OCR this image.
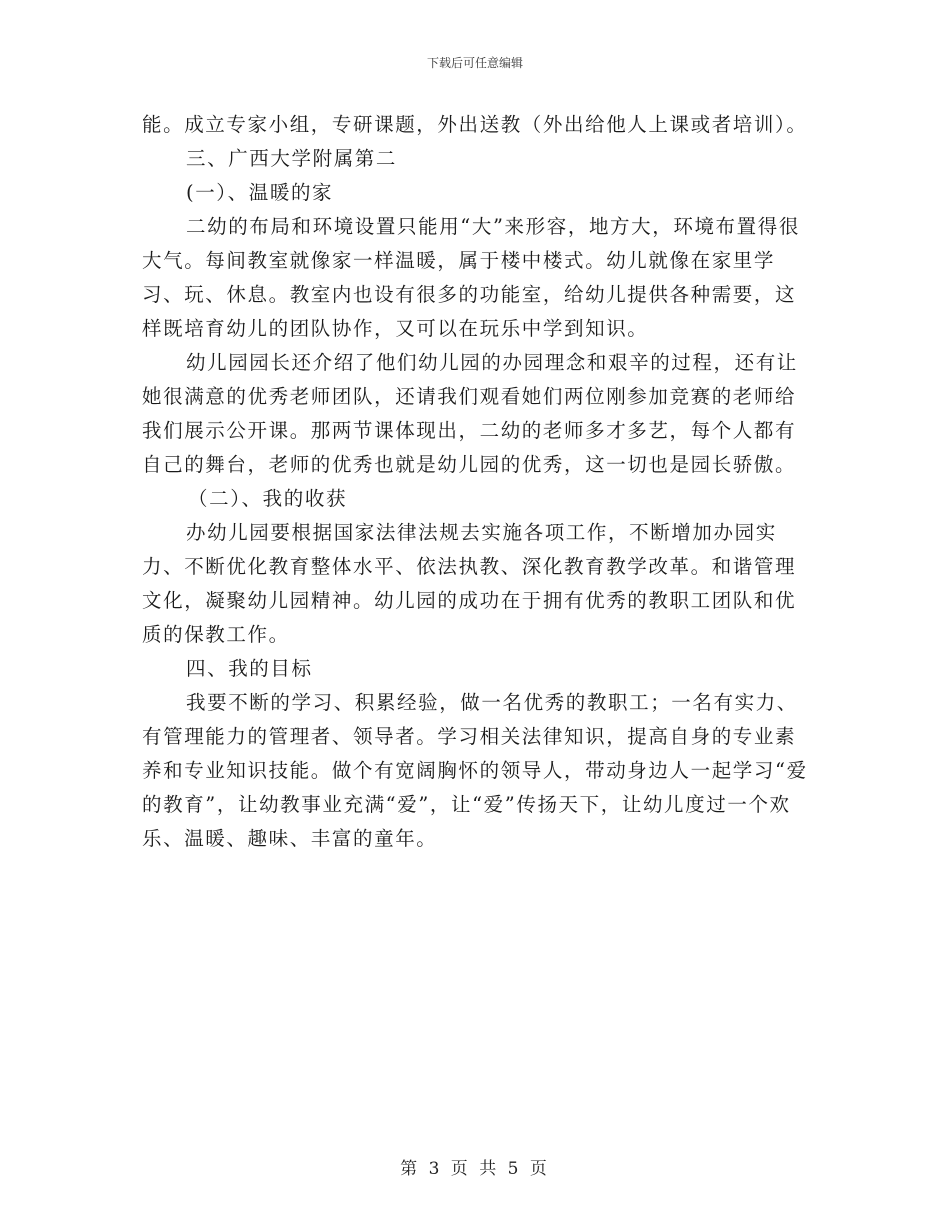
下载后可任意编辑

能。成立专家小组，专研课题，外出送教（外出给他人上课或者培训）。

三、广西大学附属第二

(一）、温暖的家

二幼的布局和环境设置只能用“大”来形容，地方大，环境布置得很大气。每间教室就像家一样温暖，属于楼中楼式。幼儿就像在家里学习、玩、休息。教室内也设有很多的功能室，给幼儿提供各种需要，这样既培育幼儿的团队协作，又可以在玩乐中学到知识。

幼儿园园长还介绍了他们幼儿园的办园理念和艰辛的过程，还有让她很满意的优秀老师团队，还请我们观看她们两位刚参加竞赛的老师给我们展示公开课。那两节课体现出，二幼的老师多才多艺，每个人都有自己的舞台，老师的优秀也就是幼儿园的优秀，这一切也是园长骄傲。

（二）、我的收获

办幼儿园要根据国家法律法规去实施各项工作，不断增加办园实力、不断优化教育整体水平、依法执教、深化教育教学改革。和谐管理文化，凝聚幼儿园精神。幼儿园的成功在于拥有优秀的教职工团队和优质的保教工作。

四、我的目标

我要不断的学习、积累经验，做一名优秀的教职工；一名有实力、有管理能力的管理者、领导者。学习相关法律知识，提高自身的专业素养和专业知识技能。做个有宽阔胸怀的领导人，带动身边人一起学习“爱的教育”，让幼教事业充满“爱”，让“爱”传扬天下，让幼儿度过一个欢乐、温暖、趣味、丰富的童年。

第 3 页 共 5 页
